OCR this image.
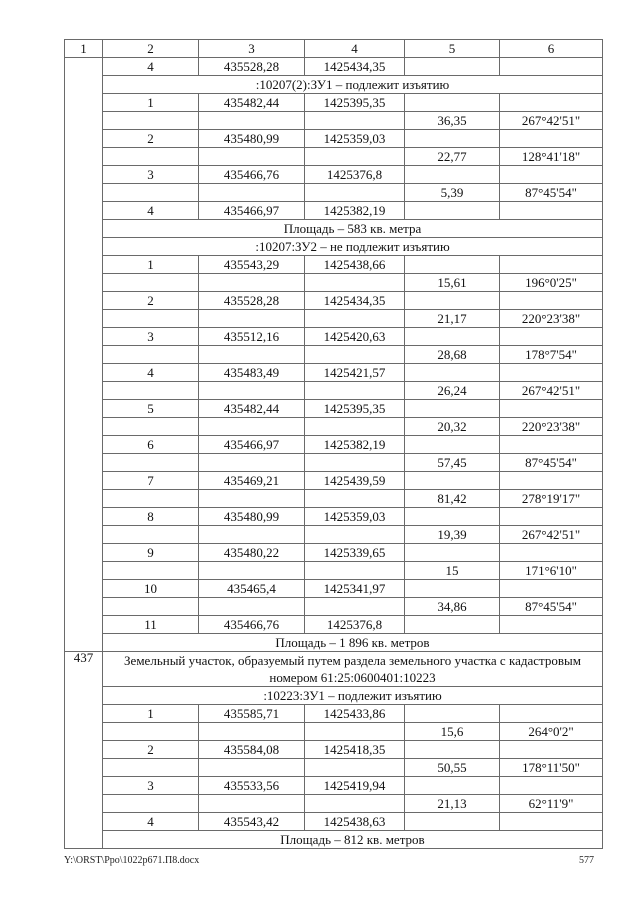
1	2	3	4	5	6
	4	435528,28	1425434,35		
	:10207(2):ЗУ1 – подлежит изъятию				
	1	435482,44	1425395,35		
				36,35	267°42'51"
	2	435480,99	1425359,03		
				22,77	128°41'18"
	3	435466,76	1425376,8		
				5,39	87°45'54"
	4	435466,97	1425382,19		
	Площадь – 583 кв. метра				
	:10207:ЗУ2 – не подлежит изъятию				
	1	435543,29	1425438,66		
				15,61	196°0'25"
	2	435528,28	1425434,35		
				21,17	220°23'38"
	3	435512,16	1425420,63		
				28,68	178°7'54"
	4	435483,49	1425421,57		
				26,24	267°42'51"
	5	435482,44	1425395,35		
				20,32	220°23'38"
	6	435466,97	1425382,19		
				57,45	87°45'54"
	7	435469,21	1425439,59		
				81,42	278°19'17"
	8	435480,99	1425359,03		
				19,39	267°42'51"
	9	435480,22	1425339,65		
				15	171°6'10"
	10	435465,4	1425341,97		
				34,86	87°45'54"
	11	435466,76	1425376,8		
	Площадь – 1 896 кв. метров				
437	Земельный участок, образуемый путем раздела земельного участка с кадастровым номером 61:25:0600401:10223				
	:10223:ЗУ1 – подлежит изъятию				
	1	435585,71	1425433,86		
				15,6	264°0'2"
	2	435584,08	1425418,35		
				50,55	178°11'50"
	3	435533,56	1425419,94		
				21,13	62°11'9"
	4	435543,42	1425438,63		
	Площадь – 812 кв. метров				
Y:\ORST\Ppo\1022p671.П8.docx	577
